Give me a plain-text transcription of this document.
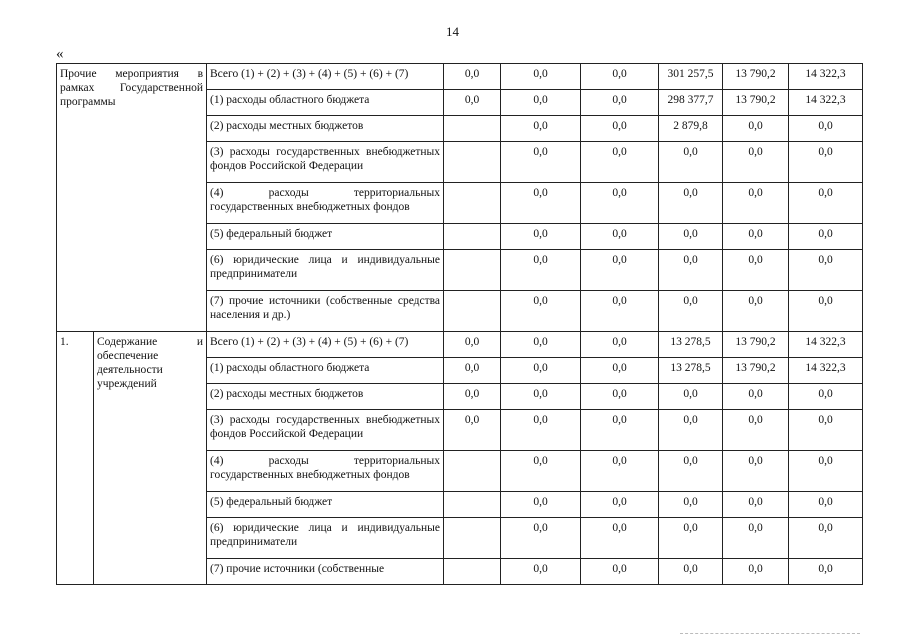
14
«
Прочие мероприятия в рамках Государственной программы		Всего (1) + (2) + (3) + (4) + (5) + (6) + (7)	0,0	0,0	0,0	301 257,5	13 790,2	14 322,3
		(1) расходы областного бюджета	0,0	0,0	0,0	298 377,7	13 790,2	14 322,3
		(2) расходы местных бюджетов		0,0	0,0	2 879,8	0,0	0,0
		(3) расходы государственных внебюджетных фондов Российской Федерации		0,0	0,0	0,0	0,0	0,0
		(4) расходы территориальных государственных внебюджетных фондов		0,0	0,0	0,0	0,0	0,0
		(5) федеральный бюджет		0,0	0,0	0,0	0,0	0,0
		(6) юридические лица и индивидуальные предприниматели		0,0	0,0	0,0	0,0	0,0
		(7) прочие источники (собственные средства населения и др.)		0,0	0,0	0,0	0,0	0,0
1.	Содержание и обеспечение деятельности учреждений	Всего (1) + (2) + (3) + (4) + (5) + (6) + (7)	0,0	0,0	0,0	13 278,5	13 790,2	14 322,3
		(1) расходы областного бюджета	0,0	0,0	0,0	13 278,5	13 790,2	14 322,3
		(2) расходы местных бюджетов	0,0	0,0	0,0	0,0	0,0	0,0
		(3) расходы государственных внебюджетных фондов Российской Федерации	0,0	0,0	0,0	0,0	0,0	0,0
		(4) расходы территориальных государственных внебюджетных фондов		0,0	0,0	0,0	0,0	0,0
		(5) федеральный бюджет		0,0	0,0	0,0	0,0	0,0
		(6) юридические лица и индивидуальные предприниматели		0,0	0,0	0,0	0,0	0,0
		(7) прочие источники (собственные		0,0	0,0	0,0	0,0	0,0
